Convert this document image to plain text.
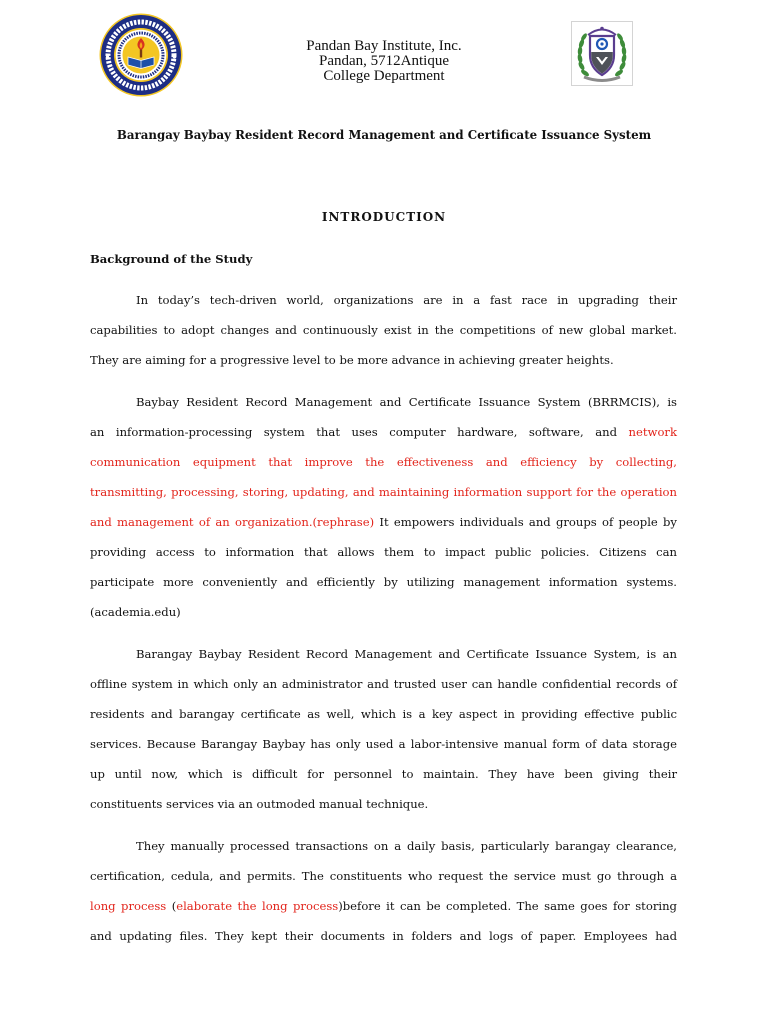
Pandan Bay Institute, Inc.
Pandan, 5712Antique
College Department
Barangay Baybay Resident Record Management and Certificate Issuance System
INTRODUCTION
Background of the Study
In today’s tech-driven world, organizations are in a fast race in upgrading their
capabilities to adopt changes and continuously exist in the competitions of new global market.
They are aiming for a progressive level to be more advance in achieving greater heights.
Baybay Resident Record Management and Certificate Issuance System (BRRMCIS), is
an information-processing system that uses computer hardware, software, and network
communication equipment that improve the effectiveness and efficiency by collecting,
transmitting, processing, storing, updating, and maintaining information support for the operation
and management of an organization.(rephrase) It empowers individuals and groups of people by
providing access to information that allows them to impact public policies. Citizens can
participate more conveniently and efficiently by utilizing management information systems.
(academia.edu)
Barangay Baybay Resident Record Management and Certificate Issuance System, is an
offline system in which only an administrator and trusted user can handle confidential records of
residents and barangay certificate as well, which is a key aspect in providing effective public
services. Because Barangay Baybay has only used a labor-intensive manual form of data storage
up until now, which is difficult for personnel to maintain. They have been giving their
constituents services via an outmoded manual technique.
They manually processed transactions on a daily basis, particularly barangay clearance,
certification, cedula, and permits. The constituents who request the service must go through a
long process (elaborate the long process)before it can be completed. The same goes for storing
and updating files. They kept their documents in folders and logs of paper. Employees had
